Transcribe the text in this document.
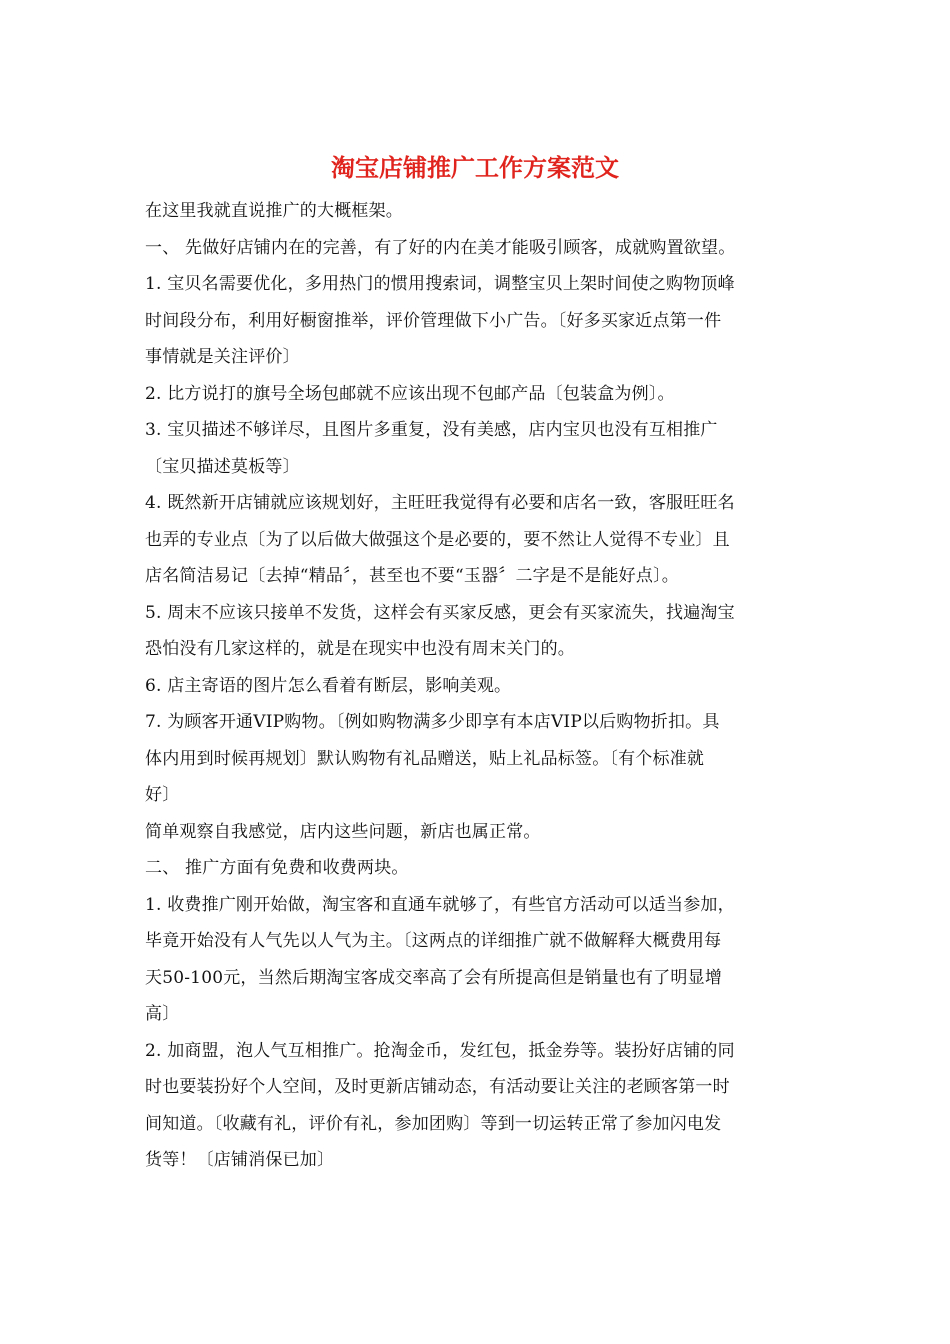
淘宝店铺推广工作方案范文
在这里我就直说推广的大概框架。
一、 先做好店铺内在的完善，有了好的内在美才能吸引顾客，成就购置欲望。
1. 宝贝名需要优化，多用热门的惯用搜索词，调整宝贝上架时间使之购物顶峰
时间段分布，利用好橱窗推举，评价管理做下小广告。〔好多买家近点第一件
事情就是关注评价〕
2. 比方说打的旗号全场包邮就不应该出现不包邮产品〔包装盒为例〕。
3. 宝贝描述不够详尽，且图片多重复，没有美感，店内宝贝也没有互相推广
〔宝贝描述莫板等〕
4. 既然新开店铺就应该规划好，主旺旺我觉得有必要和店名一致，客服旺旺名
也弄的专业点〔为了以后做大做强这个是必要的，要不然让人觉得不专业〕且
店名简洁易记〔去掉“精品〞，甚至也不要“玉器〞二字是不是能好点〕。
5. 周末不应该只接单不发货，这样会有买家反感，更会有买家流失，找遍淘宝
恐怕没有几家这样的，就是在现实中也没有周末关门的。
6. 店主寄语的图片怎么看着有断层，影响美观。
7. 为顾客开通VIP购物。〔例如购物满多少即享有本店VIP以后购物折扣。具
体内用到时候再规划〕默认购物有礼品赠送，贴上礼品标签。〔有个标准就
好〕
简单观察自我感觉，店内这些问题，新店也属正常。
二、 推广方面有免费和收费两块。
1. 收费推广刚开始做，淘宝客和直通车就够了，有些官方活动可以适当参加，
毕竟开始没有人气先以人气为主。〔这两点的详细推广就不做解释大概费用每
天50-100元，当然后期淘宝客成交率高了会有所提高但是销量也有了明显增
高〕
2. 加商盟，泡人气互相推广。抢淘金币，发红包，抵金券等。装扮好店铺的同
时也要装扮好个人空间，及时更新店铺动态，有活动要让关注的老顾客第一时
间知道。〔收藏有礼，评价有礼，参加团购〕等到一切运转正常了参加闪电发
货等！〔店铺消保已加〕
